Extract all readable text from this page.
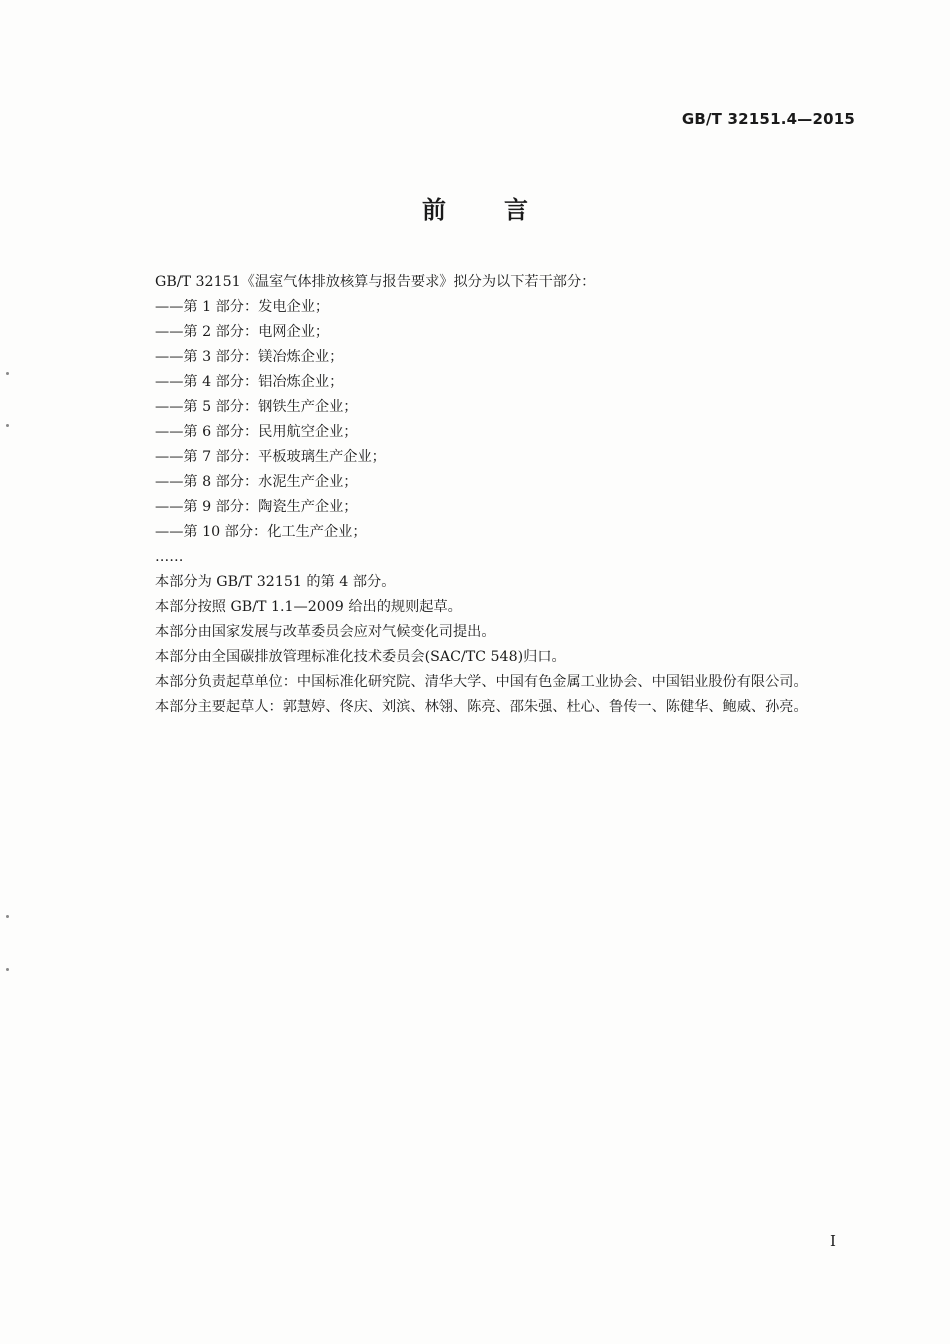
GB/T 32151.4—2015
前言

GB/T 32151《温室气体排放核算与报告要求》拟分为以下若干部分：

——第 1 部分：发电企业；

——第 2 部分：电网企业；

——第 3 部分：镁冶炼企业；

——第 4 部分：铝冶炼企业；

——第 5 部分：钢铁生产企业；

——第 6 部分：民用航空企业；

——第 7 部分：平板玻璃生产企业；

——第 8 部分：水泥生产企业；

——第 9 部分：陶瓷生产企业；

——第 10 部分：化工生产企业；

……

本部分为 GB/T 32151 的第 4 部分。

本部分按照 GB/T 1.1—2009 给出的规则起草。

本部分由国家发展与改革委员会应对气候变化司提出。

本部分由全国碳排放管理标准化技术委员会(SAC/TC 548)归口。

本部分负责起草单位：中国标准化研究院、清华大学、中国有色金属工业协会、中国铝业股份有限公司。

本部分主要起草人：郭慧婷、佟庆、刘滨、林翎、陈亮、邵朱强、杜心、鲁传一、陈健华、鲍威、孙亮。

I
